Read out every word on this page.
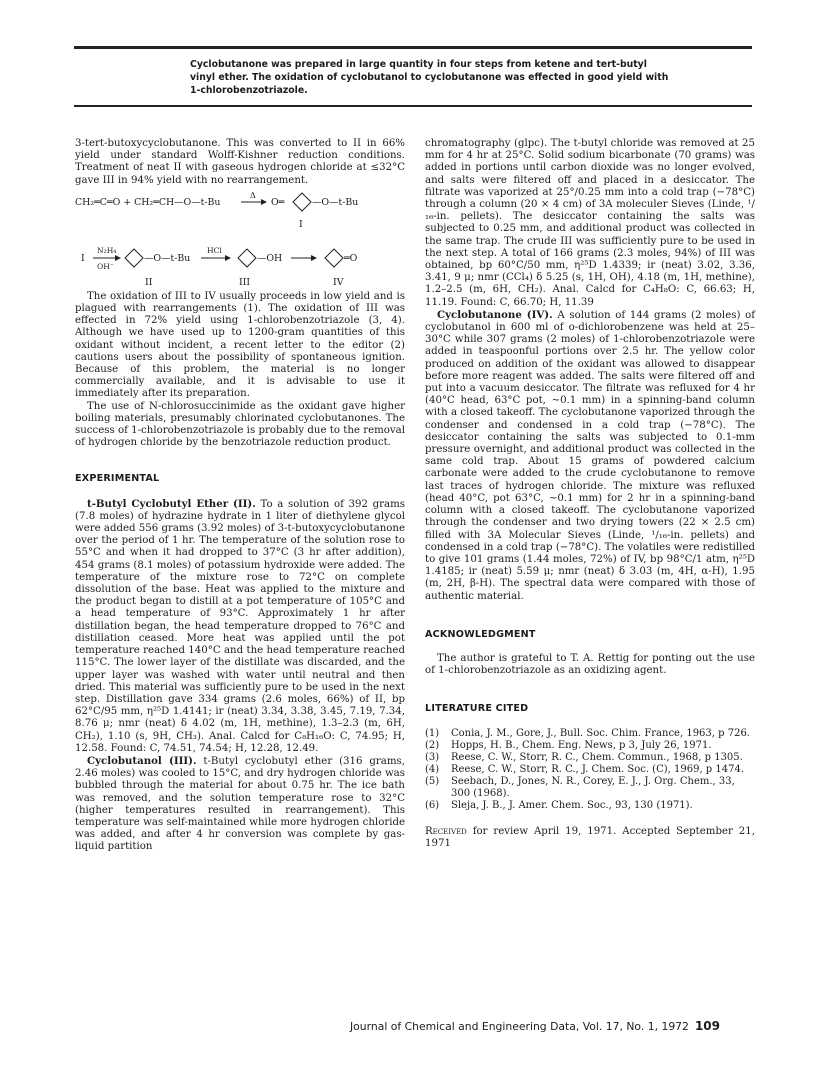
Cyclobutanone was prepared in large quantity in four steps from ketene and tert-butyl vinyl ether. The oxidation of cyclobutanol to cyclobutanone was effected in good yield with 1-chlorobenzotriazole.

3-tert-butoxycyclobutanone. This was converted to II in 66% yield under standard Wolff-Kishner reduction conditions. Treatment of neat II with gaseous hydrogen chloride at ≤32°C gave III in 94% yield with no rearrangement.

CH₂═C═O + CH₂═CH—O—t-Bu
Δ
O═	—O—t-Bu
I
I
N₂H₄
OH⁻
—O—t-Bu
HCl
—OH	═O
II	III	IV

The oxidation of III to IV usually proceeds in low yield and is plagued with rearrangements (1). The oxidation of III was effected in 72% yield using 1-chlorobenzotriazole (3, 4). Although we have used up to 1200-gram quantities of this oxidant without incident, a recent letter to the editor (2) cautions users about the possibility of spontaneous ignition. Because of this problem, the material is no longer commercially available, and it is advisable to use it immediately after its preparation.

The use of N-chlorosuccinimide as the oxidant gave higher boiling materials, presumably chlorinated cyclobutanones. The success of 1-chlorobenzotriazole is probably due to the removal of hydrogen chloride by the benzotriazole reduction product.

EXPERIMENTAL

t-Butyl Cyclobutyl Ether (II). To a solution of 392 grams (7.8 moles) of hydrazine hydrate in 1 liter of diethylene glycol were added 556 grams (3.92 moles) of 3-t-butoxycyclobutanone over the period of 1 hr. The temperature of the solution rose to 55°C and when it had dropped to 37°C (3 hr after addition), 454 grams (8.1 moles) of potassium hydroxide were added. The temperature of the mixture rose to 72°C on complete dissolution of the base. Heat was applied to the mixture and the product began to distill at a pot temperature of 105°C and a head temperature of 93°C. Approximately 1 hr after distillation began, the head temperature dropped to 76°C and distillation ceased. More heat was applied until the pot temperature reached 140°C and the head temperature reached 115°C. The lower layer of the distillate was discarded, and the upper layer was washed with water until neutral and then dried. This material was sufficiently pure to be used in the next step. Distillation gave 334 grams (2.6 moles, 66%) of II, bp 62°C/95 mm, η²⁵D 1.4141; ir (neat) 3.34, 3.38, 3.45, 7.19, 7.34, 8.76 μ; nmr (neat) δ 4.02 (m, 1H, methine), 1.3–2.3 (m, 6H, CH₂), 1.10 (s, 9H, CH₃). Anal. Calcd for C₈H₁₆O: C, 74.95; H, 12.58. Found: C, 74.51, 74.54; H, 12.28, 12.49.

Cyclobutanol (III). t-Butyl cyclobutyl ether (316 grams, 2.46 moles) was cooled to 15°C, and dry hydrogen chloride was bubbled through the material for about 0.75 hr. The ice bath was removed, and the solution temperature rose to 32°C (higher temperatures resulted in rearrangement). This temperature was self-maintained while more hydrogen chloride was added, and after 4 hr conversion was complete by gas-liquid partition

chromatography (glpc). The t-butyl chloride was removed at 25 mm for 4 hr at 25°C. Solid sodium bicarbonate (70 grams) was added in portions until carbon dioxide was no longer evolved, and salts were filtered off and placed in a desiccator. The filtrate was vaporized at 25°/0.25 mm into a cold trap (−78°C) through a column (20 × 4 cm) of 3A moleculer Sieves (Linde, ¹/₁₆-in. pellets). The desiccator containing the salts was subjected to 0.25 mm, and additional product was collected in the same trap. The crude III was sufficiently pure to be used in the next step. A total of 166 grams (2.3 moles, 94%) of III was obtained, bp 60°C/50 mm, η²⁵D 1.4339; ir (neat) 3.02, 3.36, 3.41, 9 μ; nmr (CCl₄) δ 5.25 (s, 1H, OH), 4.18 (m, 1H, methine), 1.2–2.5 (m, 6H, CH₂). Anal. Calcd for C₄H₈O: C, 66.63; H, 11.19. Found: C, 66.70; H, 11.39

Cyclobutanone (IV). A solution of 144 grams (2 moles) of cyclobutanol in 600 ml of o-dichlorobenzene was held at 25–30°C while 307 grams (2 moles) of 1-chlorobenzotriazole were added in teaspoonful portions over 2.5 hr. The yellow color produced on addition of the oxidant was allowed to disappear before more reagent was added. The salts were filtered off and put into a vacuum desiccator. The filtrate was refluxed for 4 hr (40°C head, 63°C pot, ∼0.1 mm) in a spinning-band column with a closed takeoff. The cyclobutanone vaporized through the condenser and condensed in a cold trap (−78°C). The desiccator containing the salts was subjected to 0.1-mm pressure overnight, and additional product was collected in the same cold trap. About 15 grams of powdered calcium carbonate were added to the crude cyclobutanone to remove last traces of hydrogen chloride. The mixture was refluxed (head 40°C, pot 63°C, ∼0.1 mm) for 2 hr in a spinning-band column with a closed takeoff. The cyclobutanone vaporized through the condenser and two drying towers (22 × 2.5 cm) filled with 3A Molecular Sieves (Linde, ¹/₁₆-in. pellets) and condensed in a cold trap (−78°C). The volatiles were redistilled to give 101 grams (1.44 moles, 72%) of IV, bp 98°C/1 atm, η²⁵D 1.4185; ir (neat) 5.59 μ; nmr (neat) δ 3.03 (m, 4H, α-H), 1.95 (m, 2H, β-H). The spectral data were compared with those of authentic material.

ACKNOWLEDGMENT

The author is grateful to T. A. Rettig for ponting out the use of 1-chlorobenzotriazole as an oxidizing agent.

LITERATURE CITED

(1)	Conia, J. M., Gore, J., Bull. Soc. Chim. France, 1963, p 726.
(2)	Hopps, H. B., Chem. Eng. News, p 3, July 26, 1971.
(3)	Reese, C. W., Storr, R. C., Chem. Commun., 1968, p 1305.
(4)	Reese, C. W., Storr, R. C., J. Chem. Soc. (C), 1969, p 1474.
(5)	Seebach, D., Jones, N. R., Corey, E. J., J. Org. Chem., 33, 300 (1968).
(6)	Sleja, J. B., J. Amer. Chem. Soc., 93, 130 (1971).

Received for review April 19, 1971. Accepted September 21, 1971

Journal of Chemical and Engineering Data, Vol. 17, No. 1, 1972 109
